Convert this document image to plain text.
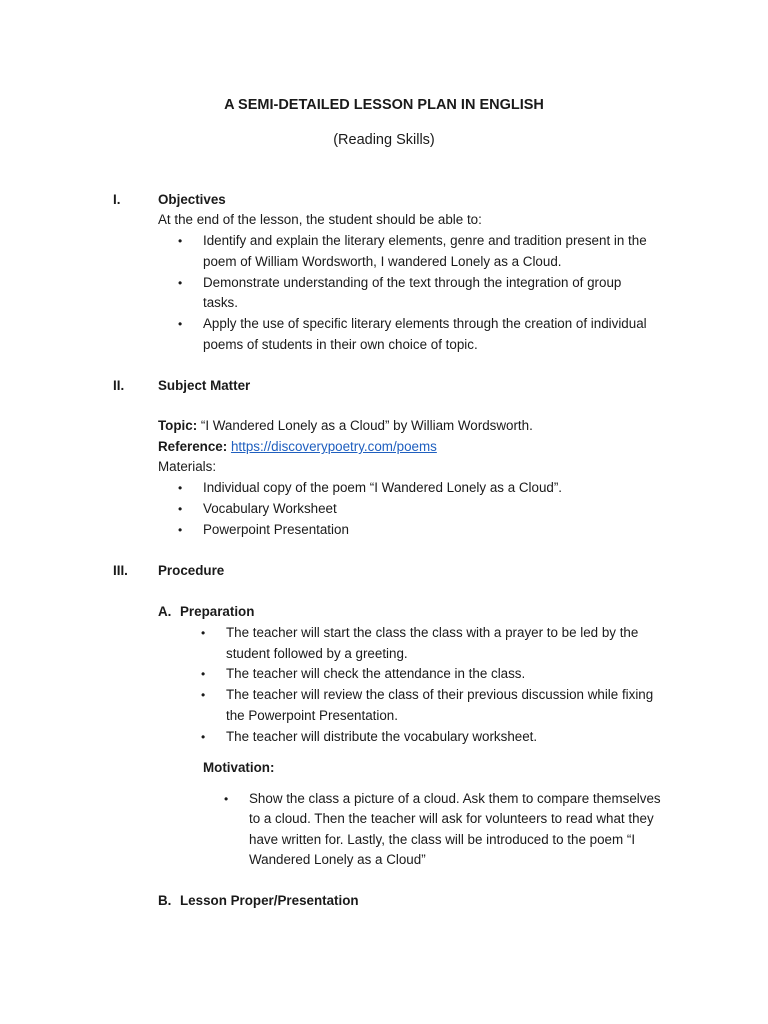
A SEMI-DETAILED LESSON PLAN IN ENGLISH
(Reading Skills)
I.	Objectives
At the end of the lesson, the student should be able to:
• Identify and explain the literary elements, genre and tradition present in the
poem of William Wordsworth, I wandered Lonely as a Cloud.
• Demonstrate understanding of the text through the integration of group
tasks.
• Apply the use of specific literary elements through the creation of individual
poems of students in their own choice of topic.
II.	Subject Matter
Topic: “I Wandered Lonely as a Cloud” by William Wordsworth.
Reference: https://discoverypoetry.com/poems
Materials:
• Individual copy of the poem “I Wandered Lonely as a Cloud”.
• Vocabulary Worksheet
• Powerpoint Presentation
III. Procedure
A. Preparation
• The teacher will start the class the class with a prayer to be led by the
student followed by a greeting.
• The teacher will check the attendance in the class.
• The teacher will review the class of their previous discussion while fixing
the Powerpoint Presentation.
• The teacher will distribute the vocabulary worksheet.
Motivation:
• Show the class a picture of a cloud. Ask them to compare themselves
to a cloud. Then the teacher will ask for volunteers to read what they
have written for. Lastly, the class will be introduced to the poem “I
Wandered Lonely as a Cloud”
B. Lesson Proper/Presentation
